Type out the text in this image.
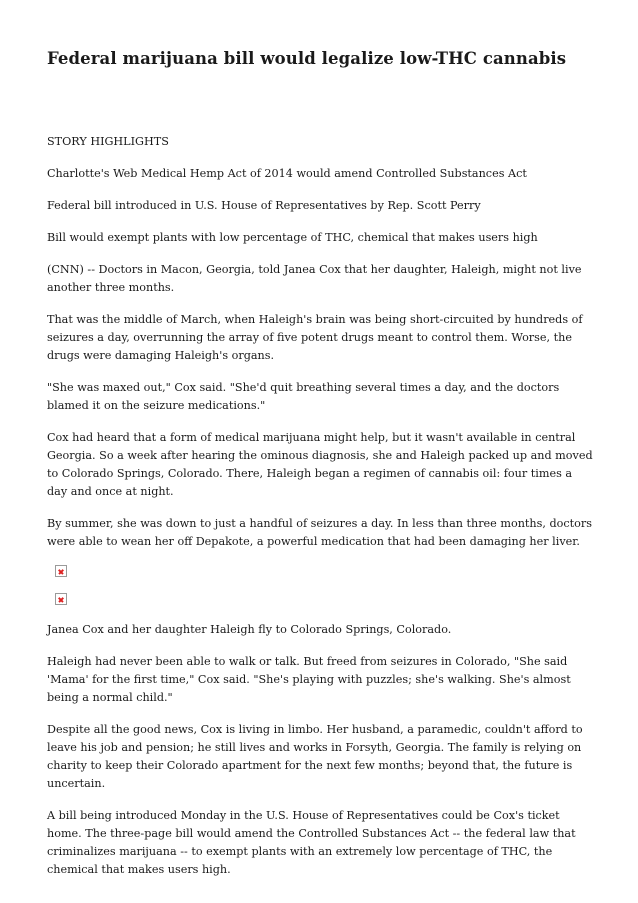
Federal marijuana bill would legalize low-THC cannabis

STORY HIGHLIGHTS

Charlotte's Web Medical Hemp Act of 2014 would amend Controlled Substances Act

Federal bill introduced in U.S. House of Representatives by Rep. Scott Perry

Bill would exempt plants with low percentage of THC, chemical that makes users high

(CNN) -- Doctors in Macon, Georgia, told Janea Cox that her daughter, Haleigh, might not live another three months.

That was the middle of March, when Haleigh's brain was being short-circuited by hundreds of seizures a day, overrunning the array of five potent drugs meant to control them. Worse, the drugs were damaging Haleigh's organs.

"She was maxed out," Cox said. "She'd quit breathing several times a day, and the doctors blamed it on the seizure medications."

Cox had heard that a form of medical marijuana might help, but it wasn't available in central Georgia. So a week after hearing the ominous diagnosis, she and Haleigh packed up and moved to Colorado Springs, Colorado. There, Haleigh began a regimen of cannabis oil: four times a day and once at night.

By summer, she was down to just a handful of seizures a day. In less than three months, doctors were able to wean her off Depakote, a powerful medication that had been damaging her liver.

Janea Cox and her daughter Haleigh fly to Colorado Springs, Colorado.

Haleigh had never been able to walk or talk. But freed from seizures in Colorado, "She said 'Mama' for the first time," Cox said. "She's playing with puzzles; she's walking. She's almost being a normal child."

Despite all the good news, Cox is living in limbo. Her husband, a paramedic, couldn't afford to leave his job and pension; he still lives and works in Forsyth, Georgia. The family is relying on charity to keep their Colorado apartment for the next few months; beyond that, the future is uncertain.

A bill being introduced Monday in the U.S. House of Representatives could be Cox's ticket home. The three-page bill would amend the Controlled Substances Act -- the federal law that criminalizes marijuana -- to exempt plants with an extremely low percentage of THC, the chemical that makes users high.
